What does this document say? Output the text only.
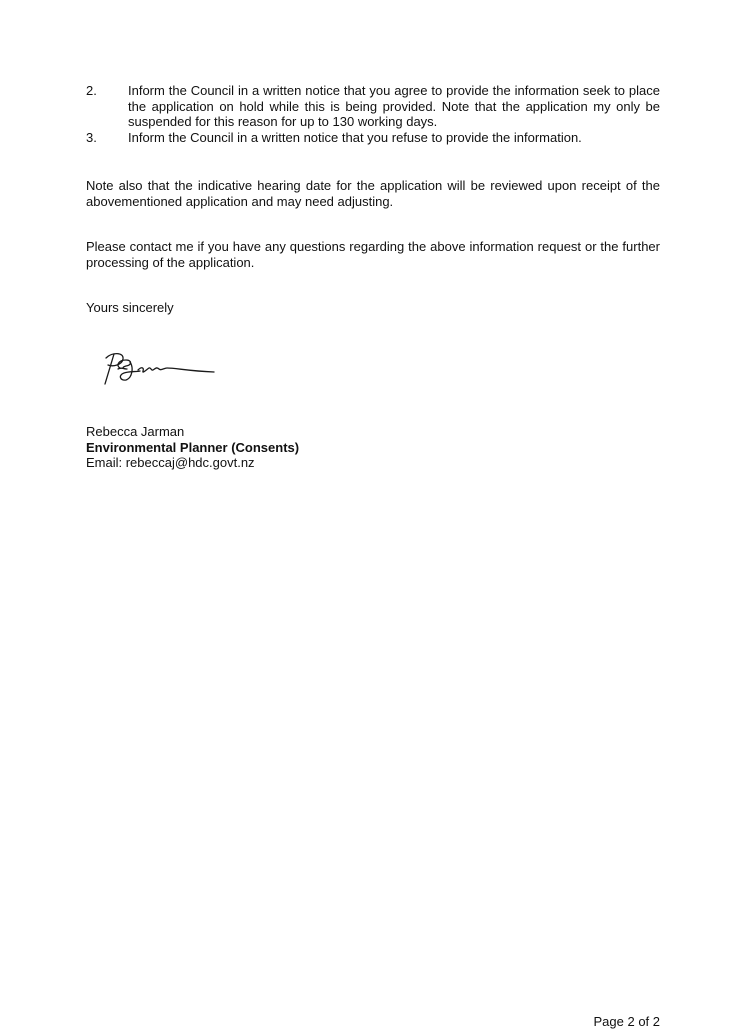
2.	Inform the Council in a written notice that you agree to provide the information seek to place the application on hold while this is being provided. Note that the application my only be suspended for this reason for up to 130 working days.
3.	Inform the Council in a written notice that you refuse to provide the information.

Note also that the indicative hearing date for the application will be reviewed upon receipt of the abovementioned application and may need adjusting.

Please contact me if you have any questions regarding the above information request or the further processing of the application.

Yours sincerely

Rebecca Jarman
Environmental Planner (Consents)
Email: rebeccaj@hdc.govt.nz
Page 2 of 2
